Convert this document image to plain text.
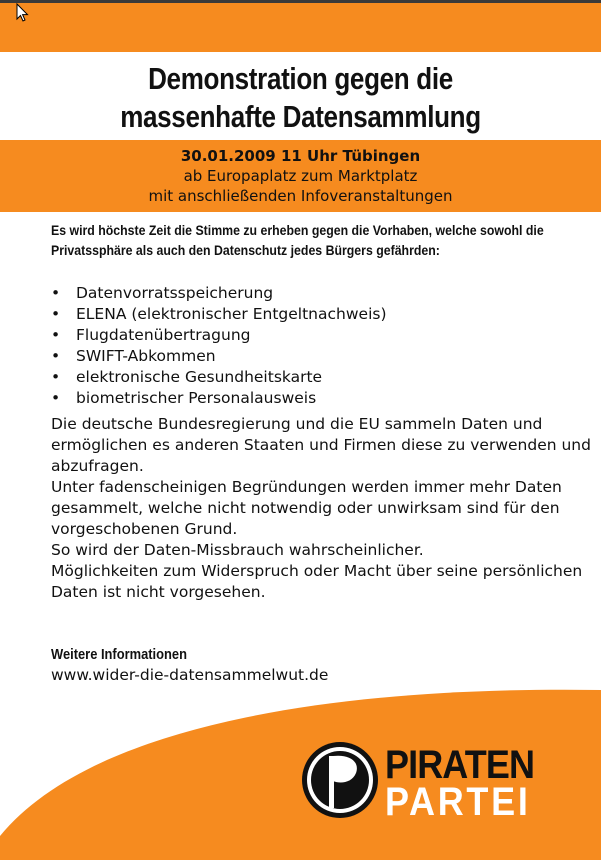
Demonstration gegen die
massenhafte Datensammlung
30.01.2009 11 Uhr Tübingen
ab Europaplatz zum Marktplatz
mit anschließenden Infoveranstaltungen
Es wird höchste Zeit die Stimme zu erheben gegen die Vorhaben, welche sowohl die Privatssphäre als auch den Datenschutz jedes Bürgers gefährden:
• Datenvorratsspeicherung
• ELENA (elektronischer Entgeltnachweis)
• Flugdatenübertragung
• SWIFT-Abkommen
• elektronische Gesundheitskarte
• biometrischer Personalausweis

Die deutsche Bundesregierung und die EU sammeln Daten und ermöglichen es anderen Staaten und Firmen diese zu verwenden und abzufragen.

Unter fadenscheinigen Begründungen werden immer mehr Daten gesammelt, welche nicht notwendig oder unwirksam sind für den vorgeschobenen Grund.

So wird der Daten-Missbrauch wahrscheinlicher.

Möglichkeiten zum Widerspruch oder Macht über seine persönlichen Daten ist nicht vorgesehen.

Weitere Informationen
www.wider-die-datensammelwut.de
PIRATEN
PARTEI
